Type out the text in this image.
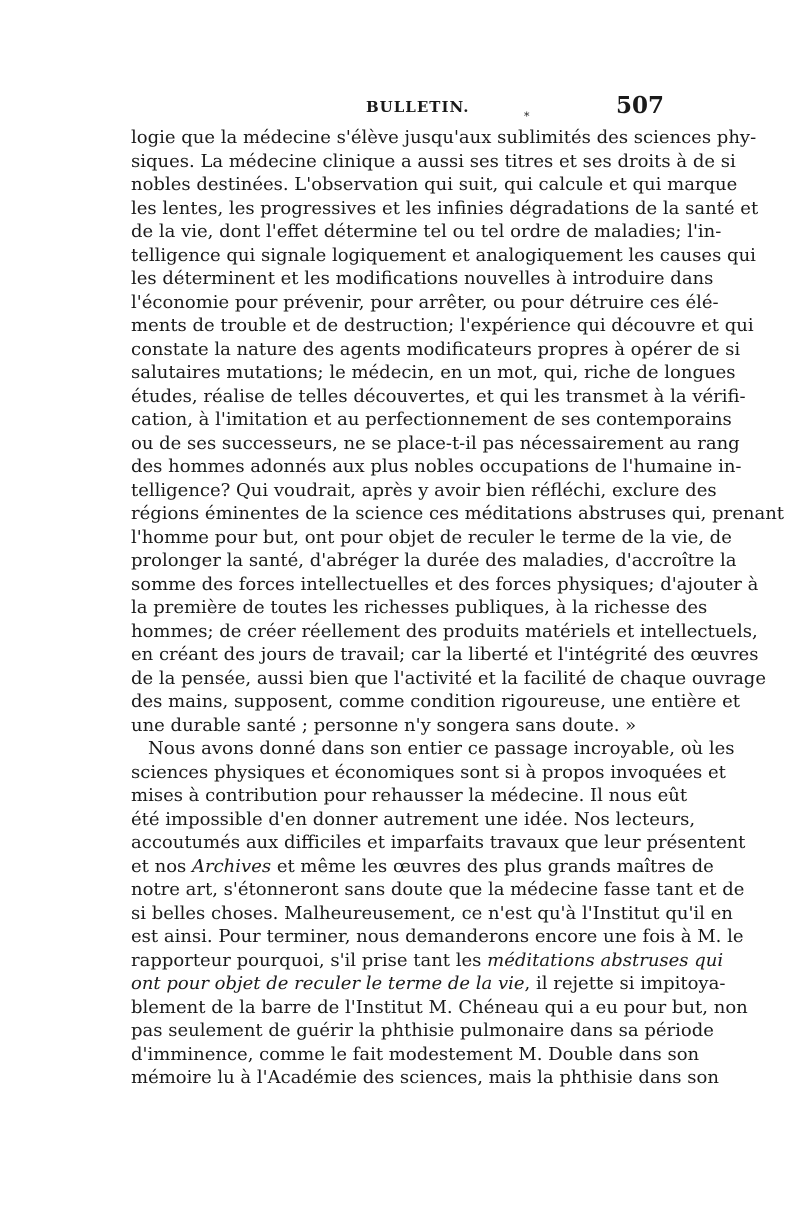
BULLETIN.
*	507
logie que la médecine s'élève jusqu'aux sublimités des sciences phy-
siques. La médecine clinique a aussi ses titres et ses droits à de si
nobles destinées. L'observation qui suit, qui calcule et qui marque
les lentes, les progressives et les infinies dégradations de la santé et
de la vie, dont l'effet détermine tel ou tel ordre de maladies; l'in-
telligence qui signale logiquement et analogiquement les causes qui
les déterminent et les modifications nouvelles à introduire dans
l'économie pour prévenir, pour arrêter, ou pour détruire ces élé-
ments de trouble et de destruction; l'expérience qui découvre et qui
constate la nature des agents modificateurs propres à opérer de si
salutaires mutations; le médecin, en un mot, qui, riche de longues
études, réalise de telles découvertes, et qui les transmet à la vérifi-
cation, à l'imitation et au perfectionnement de ses contemporains
ou de ses successeurs, ne se place-t-il pas nécessairement au rang
des hommes adonnés aux plus nobles occupations de l'humaine in-
telligence? Qui voudrait, après y avoir bien réfléchi, exclure des
régions éminentes de la science ces méditations abstruses qui, prenant
l'homme pour but, ont pour objet de reculer le terme de la vie, de
prolonger la santé, d'abréger la durée des maladies, d'accroître la
somme des forces intellectuelles et des forces physiques; d'ajouter à
la première de toutes les richesses publiques, à la richesse des
hommes; de créer réellement des produits matériels et intellectuels,
en créant des jours de travail; car la liberté et l'intégrité des œuvres
de la pensée, aussi bien que l'activité et la facilité de chaque ouvrage
des mains, supposent, comme condition rigoureuse, une entière et
une durable santé ; personne n'y songera sans doute. »
Nous avons donné dans son entier ce passage incroyable, où les
sciences physiques et économiques sont si à propos invoquées et
mises à contribution pour rehausser la médecine. Il nous eût
été impossible d'en donner autrement une idée. Nos lecteurs,
accoutumés aux difficiles et imparfaits travaux que leur présentent
et nos Archives et même les œuvres des plus grands maîtres de
notre art, s'étonneront sans doute que la médecine fasse tant et de
si belles choses. Malheureusement, ce n'est qu'à l'Institut qu'il en
est ainsi. Pour terminer, nous demanderons encore une fois à M. le
rapporteur pourquoi, s'il prise tant les méditations abstruses qui
ont pour objet de reculer le terme de la vie, il rejette si impitoya-
blement de la barre de l'Institut M. Chéneau qui a eu pour but, non
pas seulement de guérir la phthisie pulmonaire dans sa période
d'imminence, comme le fait modestement M. Double dans son
mémoire lu à l'Académie des sciences, mais la phthisie dans son
